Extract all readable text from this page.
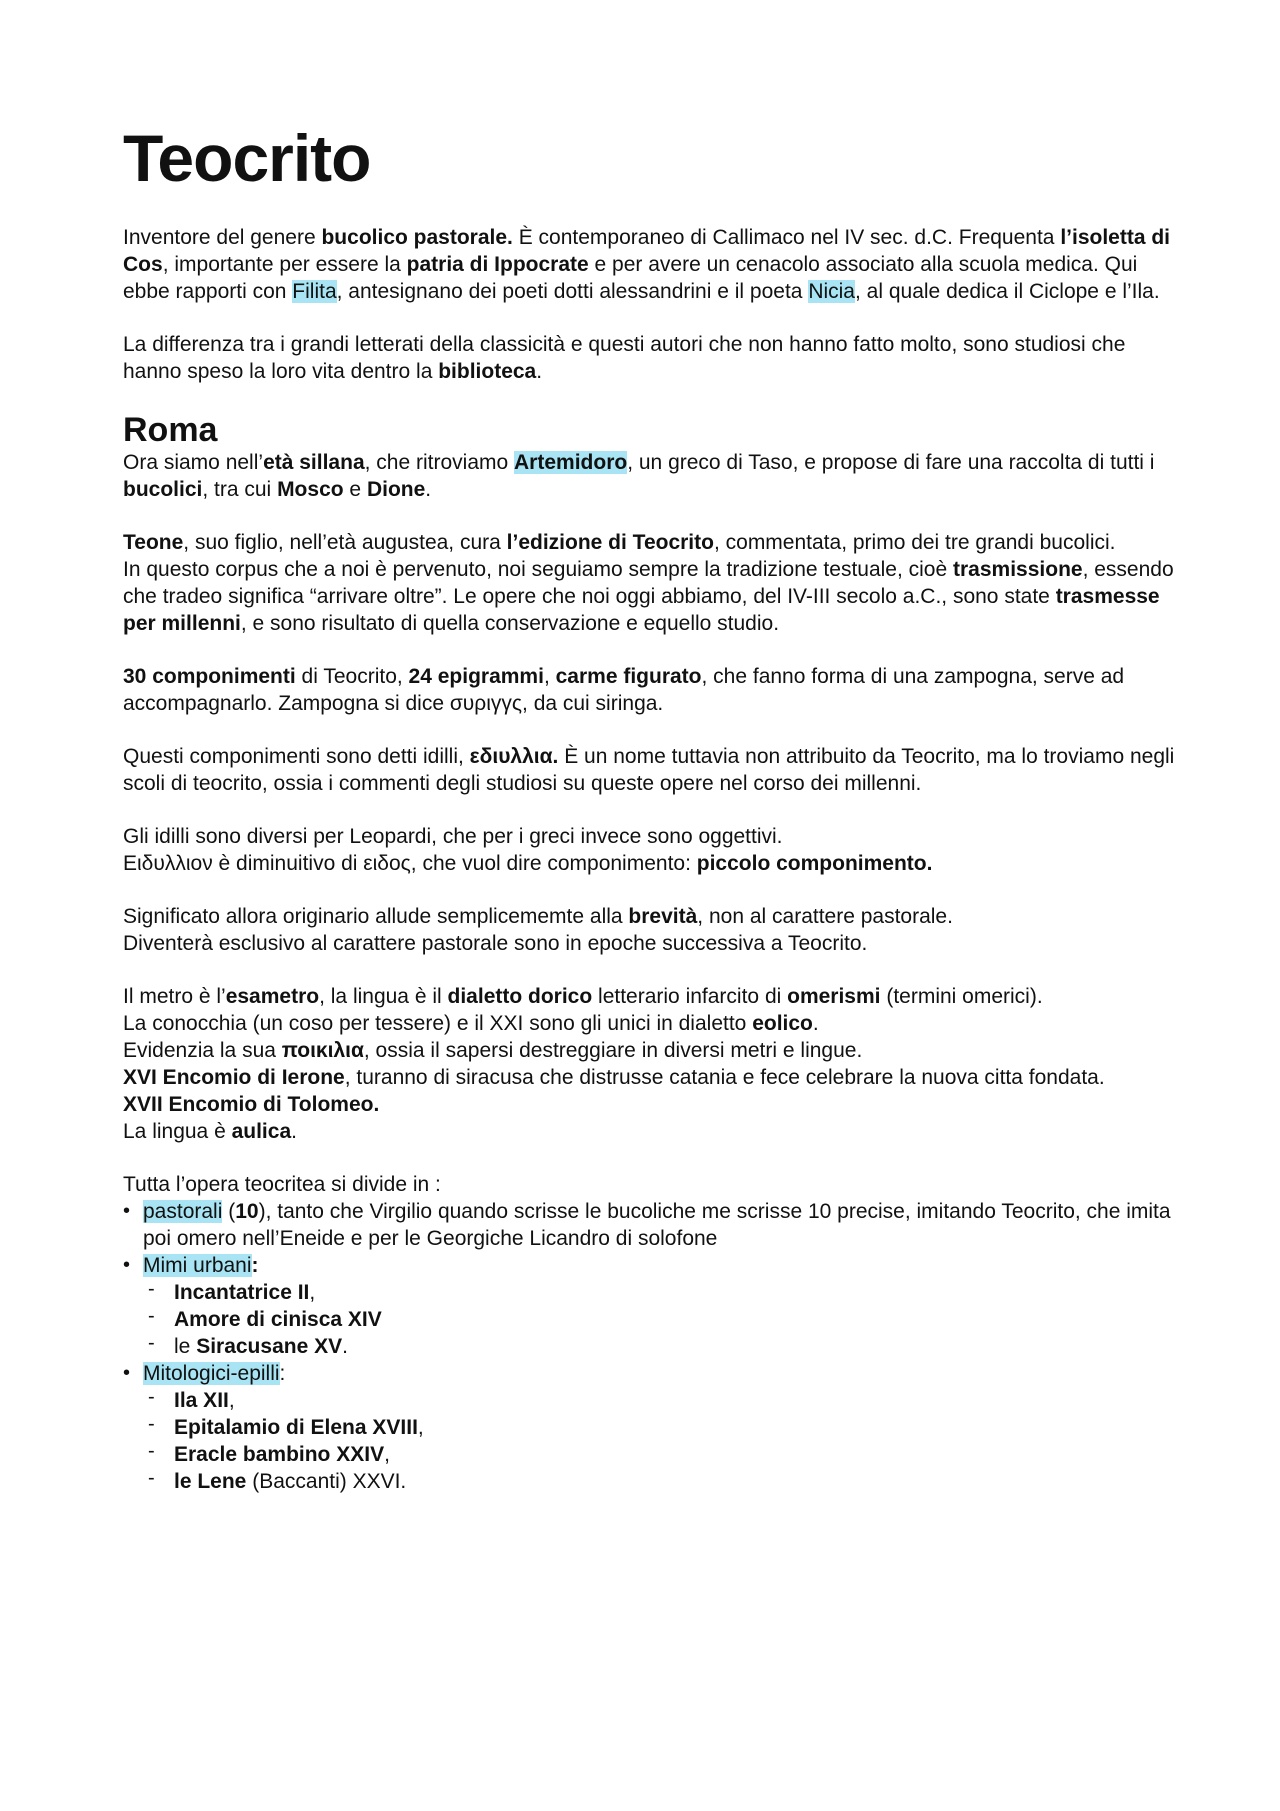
Teocrito

Inventore del genere bucolico pastorale. È contemporaneo di Callimaco nel IV sec. d.C. Frequenta l’isoletta di Cos, importante per essere la patria di Ippocrate e per avere un cenacolo associato alla scuola medica. Qui ebbe rapporti con Filita, antesignano dei poeti dotti alessandrini e il poeta Nicia, al quale dedica il Ciclope e l’Ila.

La differenza tra i grandi letterati della classicità e questi autori che non hanno fatto molto, sono studiosi che hanno speso la loro vita dentro la biblioteca.

Roma

Ora siamo nell’età sillana, che ritroviamo Artemidoro, un greco di Taso, e propose di fare una raccolta di tutti i bucolici, tra cui Mosco e Dione.

Teone, suo figlio, nell’età augustea, cura l’edizione di Teocrito, commentata, primo dei tre grandi bucolici.

In questo corpus che a noi è pervenuto, noi seguiamo sempre la tradizione testuale, cioè trasmissione, essendo che tradeo significa “arrivare oltre”. Le opere che noi oggi abbiamo, del IV-III secolo a.C., sono state trasmesse per millenni, e sono risultato di quella conservazione e equello studio.

30 componimenti di Teocrito, 24 epigrammi, carme figurato, che fanno forma di una zampogna, serve ad accompagnarlo. Zampogna si dice συριγγς, da cui siringa.

Questi componimenti sono detti idilli, εδιυλλια. È un nome tuttavia non attribuito da Teocrito, ma lo troviamo negli scoli di teocrito, ossia i commenti degli studiosi su queste opere nel corso dei millenni.

Gli idilli sono diversi per Leopardi, che per i greci invece sono oggettivi.

Ειδυλλιον è diminuitivo di ειδος, che vuol dire componimento: piccolo componimento.

Significato allora originario allude semplicememte alla brevità, non al carattere pastorale.

Diventerà esclusivo al carattere pastorale sono in epoche successiva a Teocrito.

Il metro è l’esametro, la lingua è il dialetto dorico letterario infarcito di omerismi (termini omerici).

La conocchia (un coso per tessere) e il XXI sono gli unici in dialetto eolico.

Evidenzia la sua ποικιλια, ossia il sapersi destreggiare in diversi metri e lingue.

XVI Encomio di Ierone, turanno di siracusa che distrusse catania e fece celebrare la nuova citta fondata.

XVII Encomio di Tolomeo.

La lingua è aulica.

Tutta l’opera teocritea si divide in :

• pastorali (10), tanto che Virgilio quando scrisse le bucoliche me scrisse 10 precise, imitando Teocrito, che imita poi omero nell’Eneide e per le Georgiche Licandro di solofone
• Mimi urbani:
- Incantatrice II,
- Amore di cinisca XIV
- le Siracusane XV.
• Mitologici-epilli:
- Ila XII,
- Epitalamio di Elena XVIII,
- Eracle bambino XXIV,
- le Lene (Baccanti) XXVI.
